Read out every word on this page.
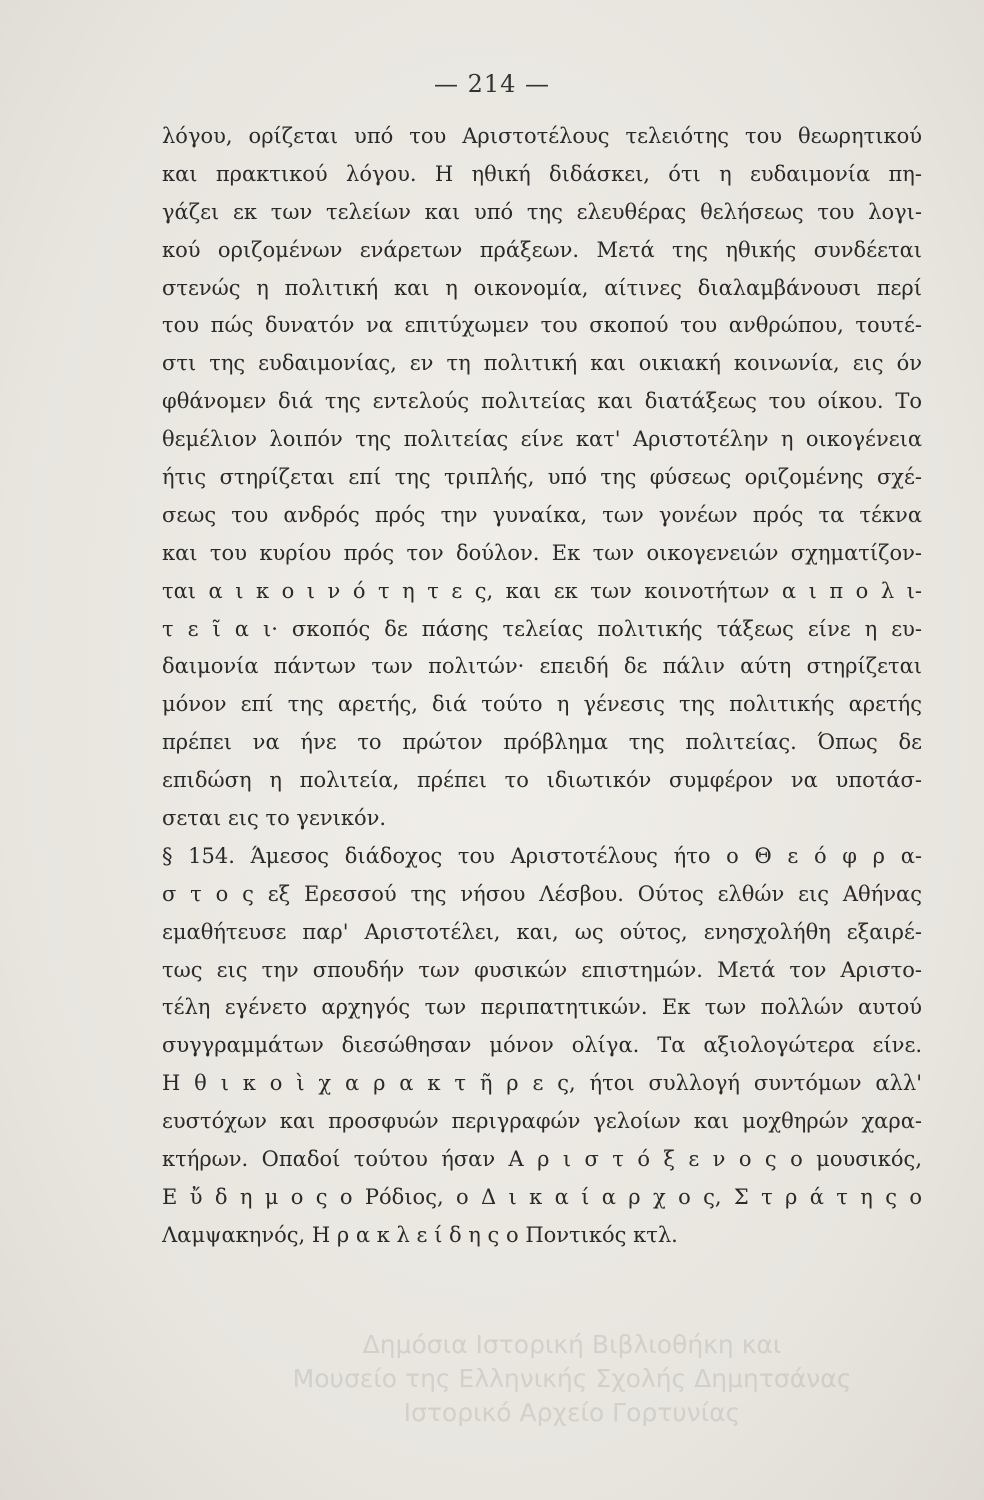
— 214 —
λόγου, ορίζεται υπό του Αριστοτέλους τελειότης του θεωρητικού
και πρακτικού λόγου. Η ηθική διδάσκει, ότι η ευδαιμονία πη-
γάζει εκ των τελείων και υπό της ελευθέρας θελήσεως του λογι-
κού οριζομένων ενάρετων πράξεων. Μετά της ηθικής συνδέεται
στενώς η πολιτική και η οικονομία, αίτινες διαλαμβάνουσι περί
του πώς δυνατόν να επιτύχωμεν του σκοπού του ανθρώπου, τουτέ-
στι της ευδαιμονίας, εν τη πολιτική και οικιακή κοινωνία, εις όν
φθάνομεν διά της εντελούς πολιτείας και διατάξεως του οίκου. Το
θεμέλιον λοιπόν της πολιτείας είνε κατ' Αριστοτέλην η οικογένεια
ήτις στηρίζεται επί της τριπλής, υπό της φύσεως οριζομένης σχέ-
σεως του ανδρός πρός την γυναίκα, των γονέων πρός τα τέκνα
και του κυρίου πρός τον δούλον. Εκ των οικογενειών σχηματίζον-
ται α ι κ ο ι ν ό τ η τ ε ς, και εκ των κοινοτήτων α ι π ο λ ι-
τ ε ῖ α ι· σκοπός δε πάσης τελείας πολιτικής τάξεως είνε η ευ-
δαιμονία πάντων των πολιτών· επειδή δε πάλιν αύτη στηρίζεται
μόνον επί της αρετής, διά τούτο η γένεσις της πολιτικής αρετής
πρέπει να ήνε το πρώτον πρόβλημα της πολιτείας. Όπως δε
επιδώση η πολιτεία, πρέπει το ιδιωτικόν συμφέρον να υποτάσ-
σεται εις το γενικόν.
§ 154. Άμεσος διάδοχος του Αριστοτέλους ήτο ο Θ ε ό φ ρ α-
σ τ ο ς εξ Ερεσσού της νήσου Λέσβου. Ούτος ελθών εις Αθήνας
εμαθήτευσε παρ' Αριστοτέλει, και, ως ούτος, ενησχολήθη εξαιρέ-
τως εις την σπουδήν των φυσικών επιστημών. Μετά τον Αριστο-
τέλη εγένετο αρχηγός των περιπατητικών. Εκ των πολλών αυτού
συγγραμμάτων διεσώθησαν μόνον ολίγα. Τα αξιολογώτερα είνε.
Η θ ι κ ο ὶ χ α ρ α κ τ ῆ ρ ε ς, ήτοι συλλογή συντόμων αλλ'
ευστόχων και προσφυών περιγραφών γελοίων και μοχθηρών χαρα-
κτήρων. Οπαδοί τούτου ήσαν Α ρ ι σ τ ό ξ ε ν ο ς ο μουσικός,
Ε ὔ δ η μ ο ς ο Ρόδιος, ο Δ ι κ α ί α ρ χ ο ς, Σ τ ρ ά τ η ς ο
Λαμψακηνός, Η ρ α κ λ ε ί δ η ς ο Ποντικός κτλ.
Δημόσια Ιστορική Βιβλιοθήκη και
Μουσείο της Ελληνικής Σχολής Δημητσάνας
Ιστορικό Αρχείο Γορτυνίας
